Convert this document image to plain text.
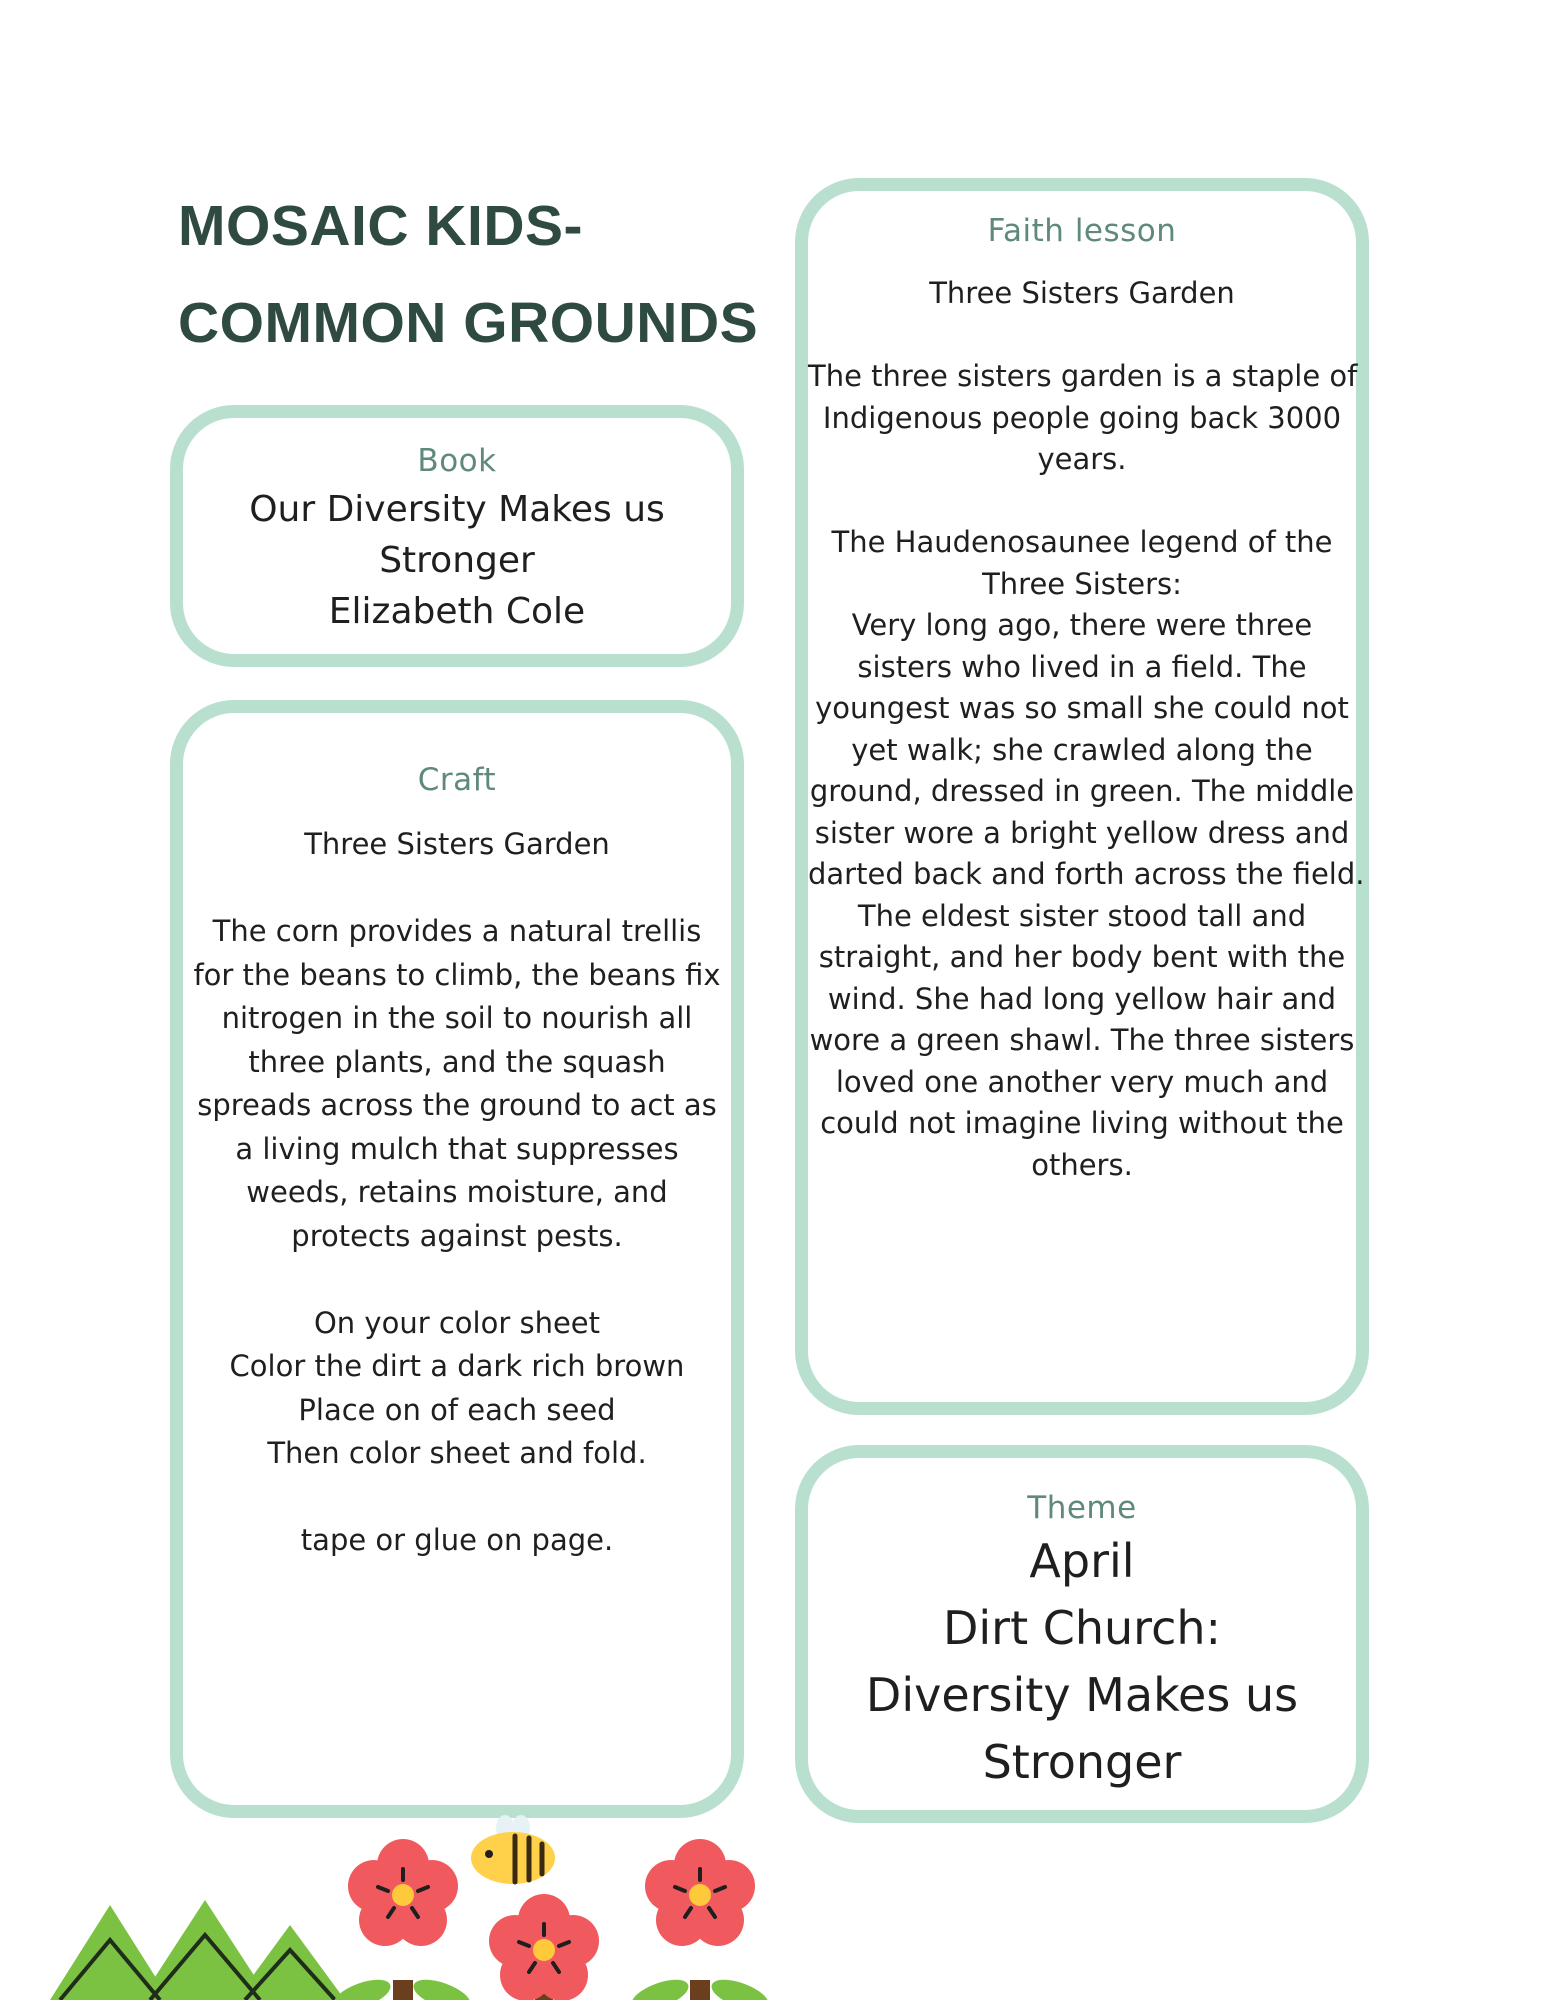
MOSAIC KIDS-
COMMON GROUNDS
Book
Our Diversity Makes us
Stronger
Elizabeth Cole
Craft
Three Sisters Garden
The corn provides a natural trellis
for the beans to climb, the beans fix
nitrogen in the soil to nourish all
three plants, and the squash
spreads across the ground to act as
a living mulch that suppresses
weeds, retains moisture, and
protects against pests.
On your color sheet
Color the dirt a dark rich brown
Place on of each seed
Then color sheet and fold.
tape or glue on page.
Faith lesson
Three Sisters Garden
The three sisters garden is a staple of
Indigenous people going back 3000
years.
The Haudenosaunee legend of the
Three Sisters:
Very long ago, there were three
sisters who lived in a field. The
youngest was so small she could not
yet walk; she crawled along the
ground, dressed in green. The middle
sister wore a bright yellow dress and
darted back and forth across the field.
The eldest sister stood tall and
straight, and her body bent with the
wind. She had long yellow hair and
wore a green shawl. The three sisters
loved one another very much and
could not imagine living without the
others.
Theme
April
Dirt Church:
Diversity Makes us
Stronger
